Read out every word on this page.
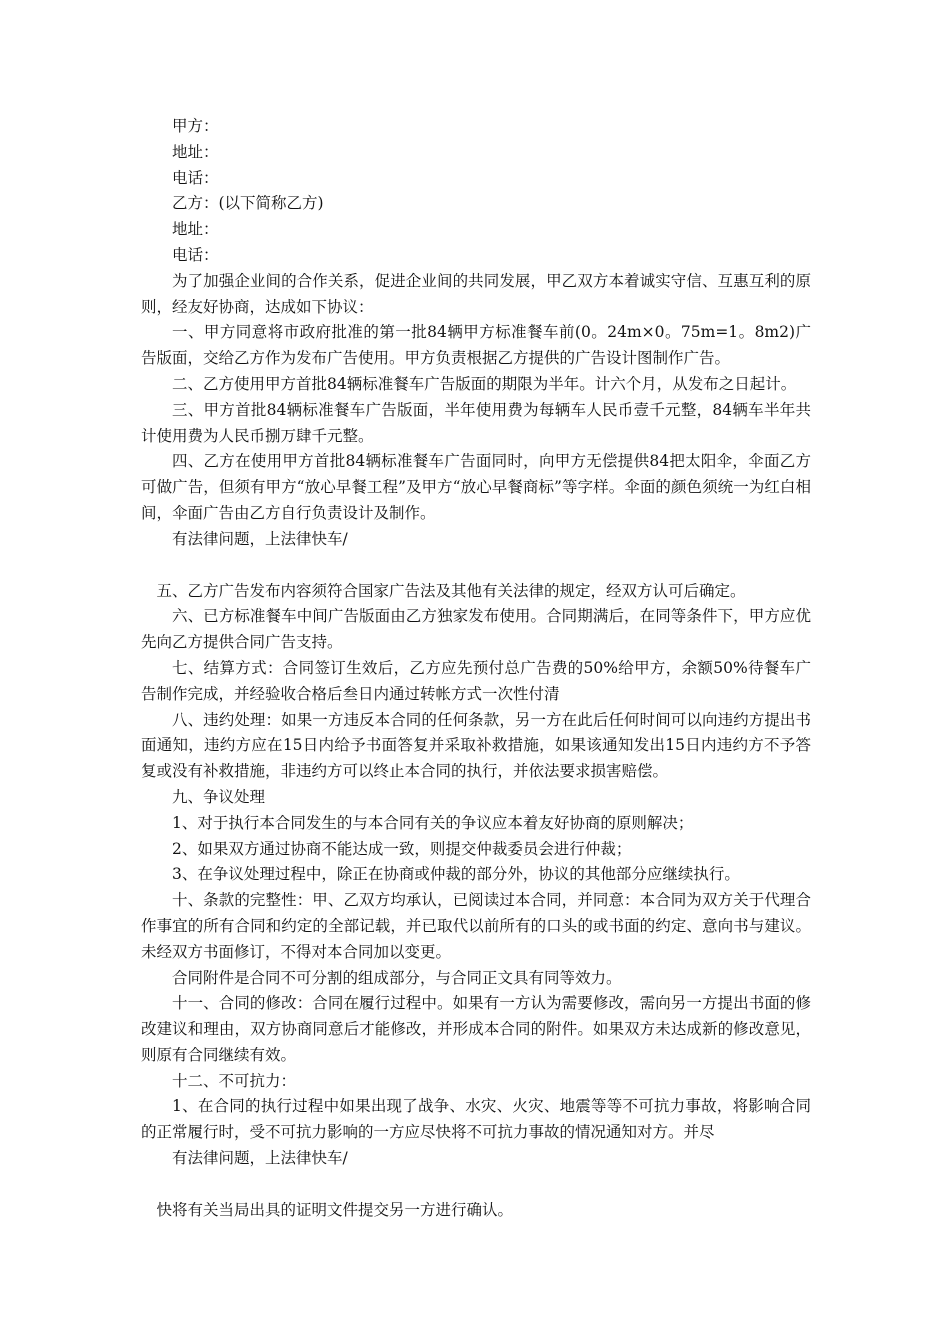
甲方：

地址：

电话：

乙方：(以下简称乙方)

地址：

电话：

为了加强企业间的合作关系，促进企业间的共同发展，甲乙双方本着诚实守信、互惠互利的原则，经友好协商，达成如下协议：

一、甲方同意将市政府批准的第一批84辆甲方标准餐车前(0。24m×0。75m=1。8m2)广告版面，交给乙方作为发布广告使用。甲方负责根据乙方提供的广告设计图制作广告。

二、乙方使用甲方首批84辆标准餐车广告版面的期限为半年。计六个月，从发布之日起计。

三、甲方首批84辆标准餐车广告版面，半年使用费为每辆车人民币壹千元整，84辆车半年共计使用费为人民币捌万肆千元整。

四、乙方在使用甲方首批84辆标准餐车广告面同时，向甲方无偿提供84把太阳伞，伞面乙方可做广告，但须有甲方“放心早餐工程”及甲方“放心早餐商标”等字样。伞面的颜色须统一为红白相间，伞面广告由乙方自行负责设计及制作。

有法律问题，上法律快车/

五、乙方广告发布内容须符合国家广告法及其他有关法律的规定，经双方认可后确定。

六、已方标准餐车中间广告版面由乙方独家发布使用。合同期满后，在同等条件下，甲方应优先向乙方提供合同广告支持。

七、结算方式：合同签订生效后，乙方应先预付总广告费的50%给甲方，余额50%待餐车广告制作完成，并经验收合格后叁日内通过转帐方式一次性付清

八、违约处理：如果一方违反本合同的任何条款，另一方在此后任何时间可以向违约方提出书面通知，违约方应在15日内给予书面答复并采取补救措施，如果该通知发出15日内违约方不予答复或没有补救措施，非违约方可以终止本合同的执行，并依法要求损害赔偿。

九、争议处理

1、对于执行本合同发生的与本合同有关的争议应本着友好协商的原则解决；

2、如果双方通过协商不能达成一致，则提交仲裁委员会进行仲裁；

3、在争议处理过程中，除正在协商或仲裁的部分外，协议的其他部分应继续执行。

十、条款的完整性：甲、乙双方均承认，已阅读过本合同，并同意：本合同为双方关于代理合作事宜的所有合同和约定的全部记载，并已取代以前所有的口头的或书面的约定、意向书与建议。未经双方书面修订，不得对本合同加以变更。

合同附件是合同不可分割的组成部分，与合同正文具有同等效力。

十一、合同的修改：合同在履行过程中。如果有一方认为需要修改，需向另一方提出书面的修改建议和理由，双方协商同意后才能修改，并形成本合同的附件。如果双方未达成新的修改意见，则原有合同继续有效。

十二、不可抗力：

1、在合同的执行过程中如果出现了战争、水灾、火灾、地震等等不可抗力事故，将影响合同的正常履行时，受不可抗力影响的一方应尽快将不可抗力事故的情况通知对方。并尽

有法律问题，上法律快车/

快将有关当局出具的证明文件提交另一方进行确认。
